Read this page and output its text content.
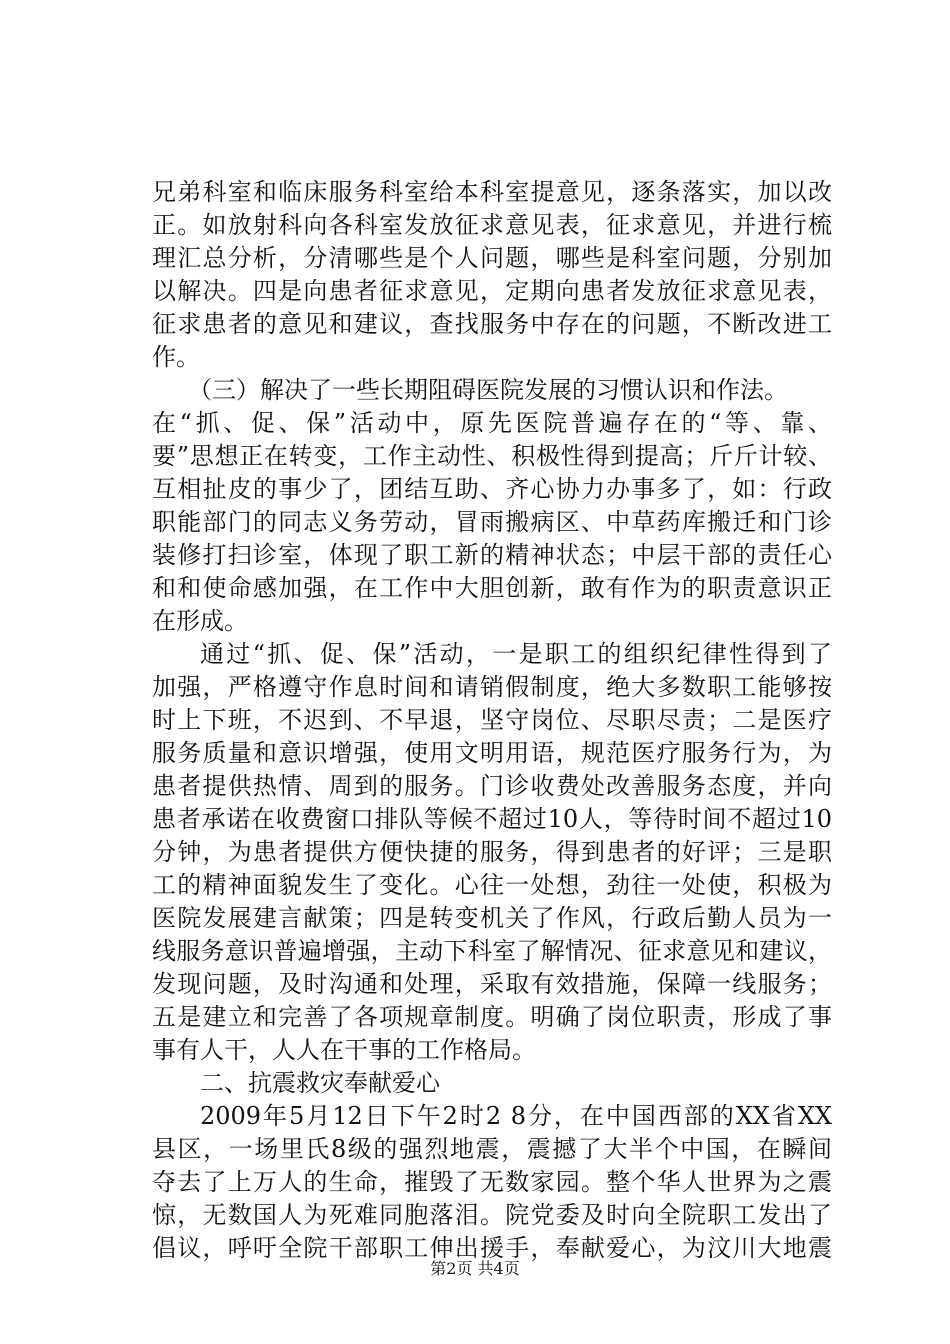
兄弟科室和临床服务科室给本科室提意见，逐条落实，加以改
正。如放射科向各科室发放征求意见表，征求意见，并进行梳
理汇总分析，分清哪些是个人问题，哪些是科室问题，分别加
以解决。四是向患者征求意见，定期向患者发放征求意见表，
征求患者的意见和建议，查找服务中存在的问题，不断改进工
作。
（三）解决了一些长期阻碍医院发展的习惯认识和作法。
在“抓、促、保”活动中，原先医院普遍存在的“等、靠、
要”思想正在转变，工作主动性、积极性得到提高；斤斤计较、
互相扯皮的事少了，团结互助、齐心协力办事多了，如：行政
职能部门的同志义务劳动，冒雨搬病区、中草药库搬迁和门诊
装修打扫诊室，体现了职工新的精神状态；中层干部的责任心
和和使命感加强，在工作中大胆创新，敢有作为的职责意识正
在形成。
通过“抓、促、保”活动，一是职工的组织纪律性得到了
加强，严格遵守作息时间和请销假制度，绝大多数职工能够按
时上下班，不迟到、不早退，坚守岗位、尽职尽责；二是医疗
服务质量和意识增强，使用文明用语，规范医疗服务行为，为
患者提供热情、周到的服务。门诊收费处改善服务态度，并向
患者承诺在收费窗口排队等候不超过10人，等待时间不超过10
分钟，为患者提供方便快捷的服务，得到患者的好评；三是职
工的精神面貌发生了变化。心往一处想，劲往一处使，积极为
医院发展建言献策；四是转变机关了作风，行政后勤人员为一
线服务意识普遍增强，主动下科室了解情况、征求意见和建议，
发现问题，及时沟通和处理，采取有效措施，保障一线服务；
五是建立和完善了各项规章制度。明确了岗位职责，形成了事
事有人干，人人在干事的工作格局。
二、抗震救灾奉献爱心
2009年5月12日下午2时2 8分，在中国西部的XX省XX
县区，一场里氏8级的强烈地震，震撼了大半个中国，在瞬间
夺去了上万人的生命，摧毁了无数家园。整个华人世界为之震
惊，无数国人为死难同胞落泪。院党委及时向全院职工发出了
倡议，呼吁全院干部职工伸出援手，奉献爱心，为汶川大地震
第2页 共4页
